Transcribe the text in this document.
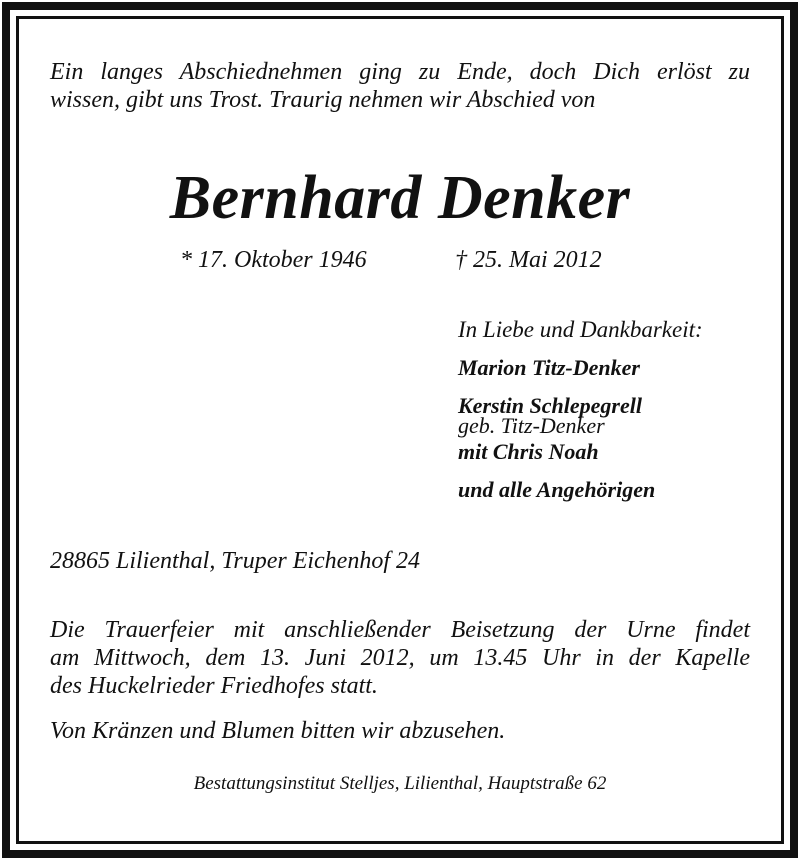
Ein langes Abschiednehmen ging zu Ende, doch Dich erlöst zu
wissen, gibt uns Trost. Traurig nehmen wir Abschied von
Bernhard Denker
* 17. Oktober 1946	† 25. Mai 2012
In Liebe und Dankbarkeit:
Marion Titz-Denker
Kerstin Schlepegrell
geb. Titz-Denker
mit Chris Noah
und alle Angehörigen
28865 Lilienthal, Truper Eichenhof 24
Die Trauerfeier mit anschließender Beisetzung der Urne findet
am Mittwoch, dem 13. Juni 2012, um 13.45 Uhr in der Kapelle
des Huckelrieder Friedhofes statt.
Von Kränzen und Blumen bitten wir abzusehen.
Bestattungsinstitut Stelljes, Lilienthal, Hauptstraße 62
